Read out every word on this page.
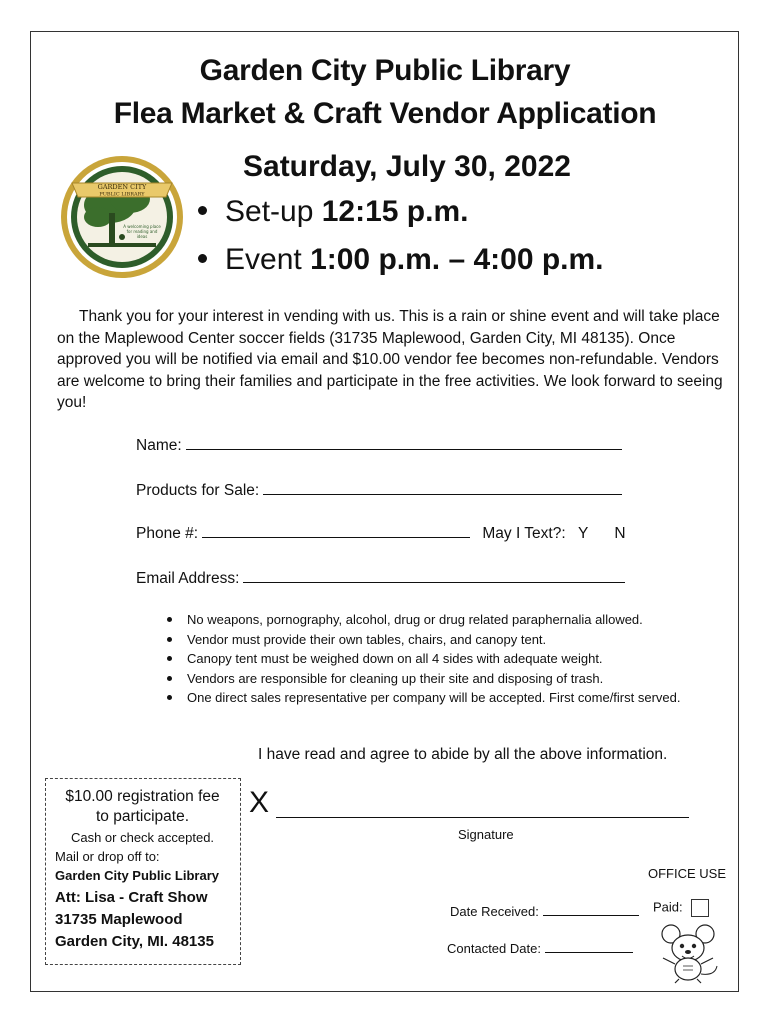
Garden City Public Library
Flea Market & Craft Vendor Application
GARDEN CITY
PUBLIC LIBRARY
A welcoming place
for reading and
ideas
Saturday, July 30, 2022
Set-up 12:15 p.m.
Event 1:00 p.m. – 4:00 p.m.
Thank you for your interest in vending with us. This is a rain or shine event and will take place on the Maplewood Center soccer fields (31735 Maplewood, Garden City, MI 48135). Once approved you will be notified via email and $10.00 vendor fee becomes non-refundable. Vendors are welcome to bring their families and participate in the free activities. We look forward to seeing you!
Name:
Products for Sale:
Phone #:	May I Text?: Y N
Email Address:
No weapons, pornography, alcohol, drug or drug related paraphernalia allowed.
Vendor must provide their own tables, chairs, and canopy tent.
Canopy tent must be weighed down on all 4 sides with adequate weight.
Vendors are responsible for cleaning up their site and disposing of trash.
One direct sales representative per company will be accepted. First come/first served.
I have read and agree to abide by all the above information.
$10.00 registration fee
to participate.
Cash or check accepted.
Mail or drop off to:
Garden City Public Library
Att: Lisa - Craft Show
31735 Maplewood
Garden City, MI. 48135
X
Signature
OFFICE USE
Date Received:	Paid:
Contacted Date:
